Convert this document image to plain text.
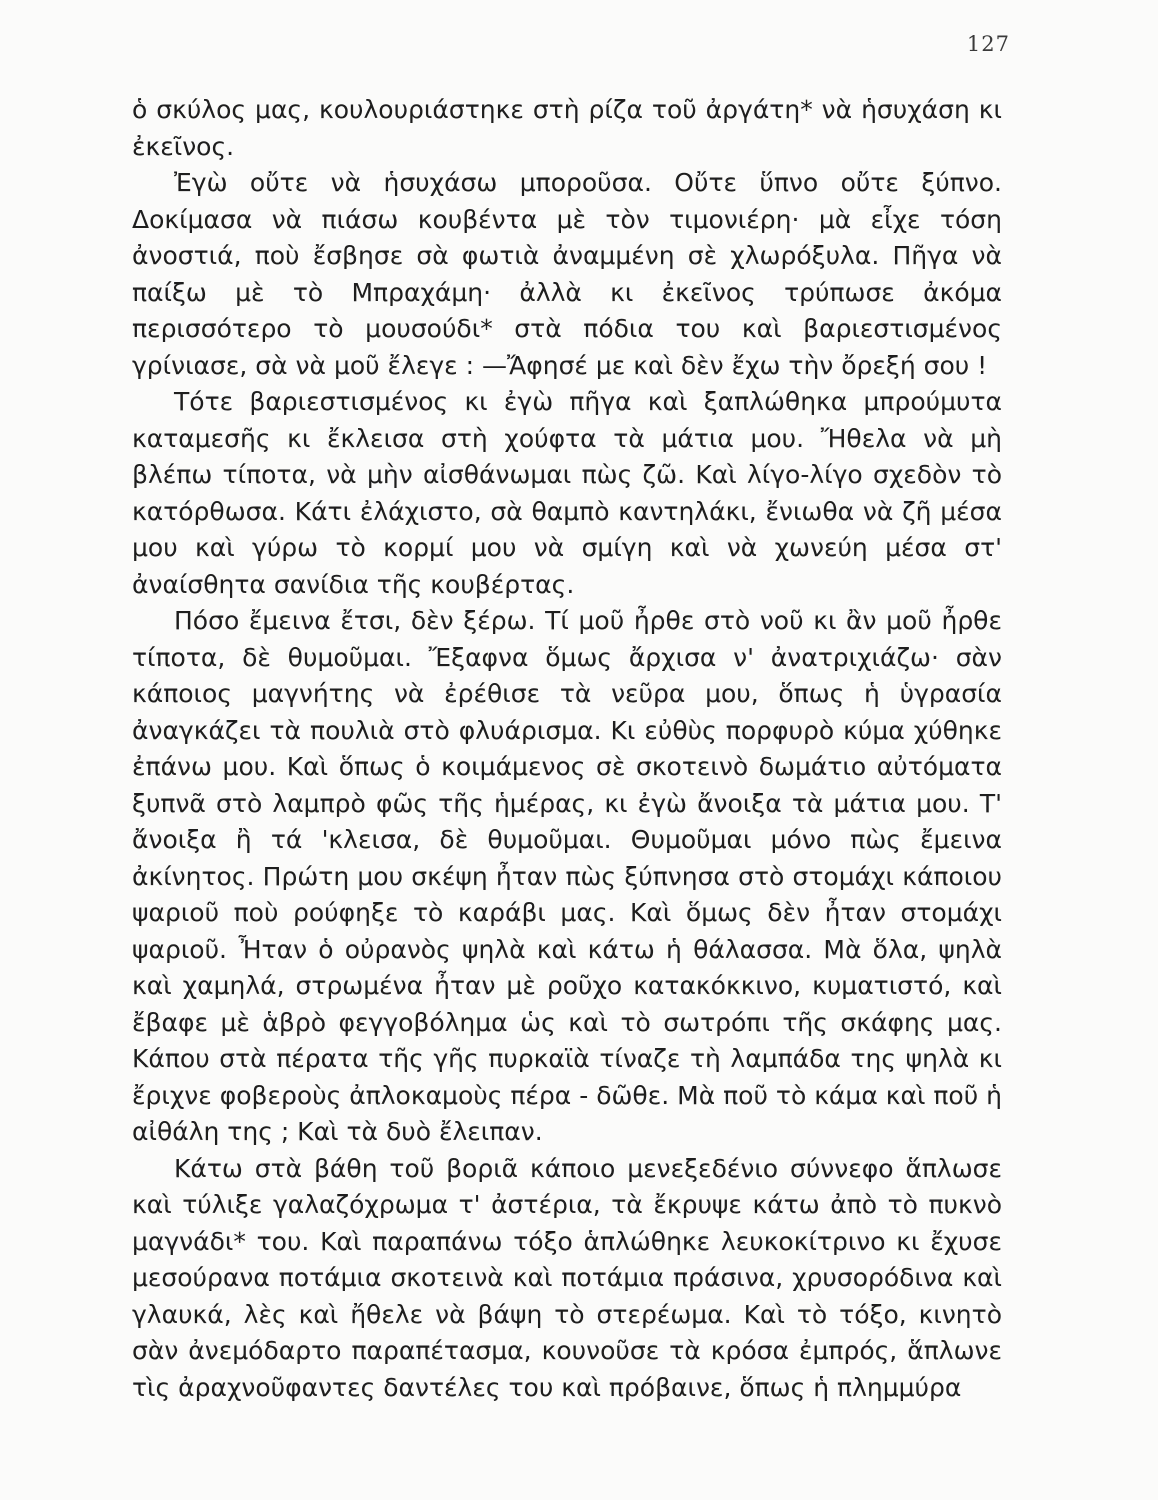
127

ὁ σκύλος μας, κουλουριάστηκε στὴ ρίζα τοῦ ἀργάτη* νὰ ἡσυχάση κι ἐκεῖνος.

Ἐγὼ οὔτε νὰ ἡσυχάσω μποροῦσα. Οὔτε ὕπνο οὔτε ξύπνο. Δοκίμασα νὰ πιάσω κουβέντα μὲ τὸν τιμονιέρη· μὰ εἶχε τόση ἀνοστιά, ποὺ ἔσβησε σὰ φωτιὰ ἀναμμένη σὲ χλωρόξυλα. Πῆγα νὰ παίξω μὲ τὸ Μπραχάμη· ἀλλὰ κι ἐκεῖνος τρύπωσε ἀκόμα περισσότερο τὸ μουσούδι* στὰ πόδια του καὶ βαριεστισμένος γρίνιασε, σὰ νὰ μοῦ ἔλεγε : —Ἄφησέ με καὶ δὲν ἔχω τὴν ὄρεξή σου !

Τότε βαριεστισμένος κι ἐγὼ πῆγα καὶ ξαπλώθηκα μπρούμυτα καταμεσῆς κι ἔκλεισα στὴ χούφτα τὰ μάτια μου. Ἤθελα νὰ μὴ βλέπω τίποτα, νὰ μὴν αἰσθάνωμαι πὼς ζῶ. Καὶ λίγο-λίγο σχεδὸν τὸ κατόρθωσα. Κάτι ἐλάχιστο, σὰ θαμπὸ καντηλάκι, ἔνιωθα νὰ ζῆ μέσα μου καὶ γύρω τὸ κορμί μου νὰ σμίγη καὶ νὰ χωνεύη μέσα στ' ἀναίσθητα σανίδια τῆς κουβέρτας.

Πόσο ἔμεινα ἔτσι, δὲν ξέρω. Τί μοῦ ἦρθε στὸ νοῦ κι ἂν μοῦ ἦρθε τίποτα, δὲ θυμοῦμαι. Ἔξαφνα ὅμως ἄρχισα ν' ἀνατριχιάζω· σὰν κάποιος μαγνήτης νὰ ἐρέθισε τὰ νεῦρα μου, ὅπως ἡ ὑγρασία ἀναγκάζει τὰ πουλιὰ στὸ φλυάρισμα. Κι εὐθὺς πορφυρὸ κύμα χύθηκε ἐπάνω μου. Καὶ ὅπως ὁ κοιμάμενος σὲ σκοτεινὸ δωμάτιο αὐτόματα ξυπνᾶ στὸ λαμπρὸ φῶς τῆς ἡμέρας, κι ἐγὼ ἄνοιξα τὰ μάτια μου. Τ' ἄνοιξα ἢ τά 'κλεισα, δὲ θυμοῦμαι. Θυμοῦμαι μόνο πὼς ἔμεινα ἀκίνητος. Πρώτη μου σκέψη ἦταν πὼς ξύπνησα στὸ στομάχι κάποιου ψαριοῦ ποὺ ρούφηξε τὸ καράβι μας. Καὶ ὅμως δὲν ἦταν στομάχι ψαριοῦ. Ἦταν ὁ οὐρανὸς ψηλὰ καὶ κάτω ἡ θάλασσα. Μὰ ὅλα, ψηλὰ καὶ χαμηλά, στρωμένα ἦταν μὲ ροῦχο κατακόκκινο, κυματιστό, καὶ ἔβαφε μὲ ἁβρὸ φεγγοβόλημα ὡς καὶ τὸ σωτρόπι τῆς σκάφης μας. Κάπου στὰ πέρατα τῆς γῆς πυρκαϊὰ τίναζε τὴ λαμπάδα της ψηλὰ κι ἔριχνε φοβεροὺς ἀπλοκαμοὺς πέρα - δῶθε. Μὰ ποῦ τὸ κάμα καὶ ποῦ ἡ αἰθάλη της ; Καὶ τὰ δυὸ ἔλειπαν.

Κάτω στὰ βάθη τοῦ βοριᾶ κάποιο μενεξεδένιο σύννεφο ἅπλωσε καὶ τύλιξε γαλαζόχρωμα τ' ἀστέρια, τὰ ἔκρυψε κάτω ἀπὸ τὸ πυκνὸ μαγνάδι* του. Καὶ παραπάνω τόξο ἁπλώθηκε λευκοκίτρινο κι ἔχυσε μεσούρανα ποτάμια σκοτεινὰ καὶ ποτάμια πράσινα, χρυσορόδινα καὶ γλαυκά, λὲς καὶ ἤθελε νὰ βάψη τὸ στερέωμα. Καὶ τὸ τόξο, κινητὸ σὰν ἀνεμόδαρτο παραπέτασμα, κουνοῦσε τὰ κρόσα ἐμπρός, ἅπλωνε τὶς ἀραχνοῦφαντες δαντέλες του καὶ πρόβαινε, ὅπως ἡ πλημμύρα
